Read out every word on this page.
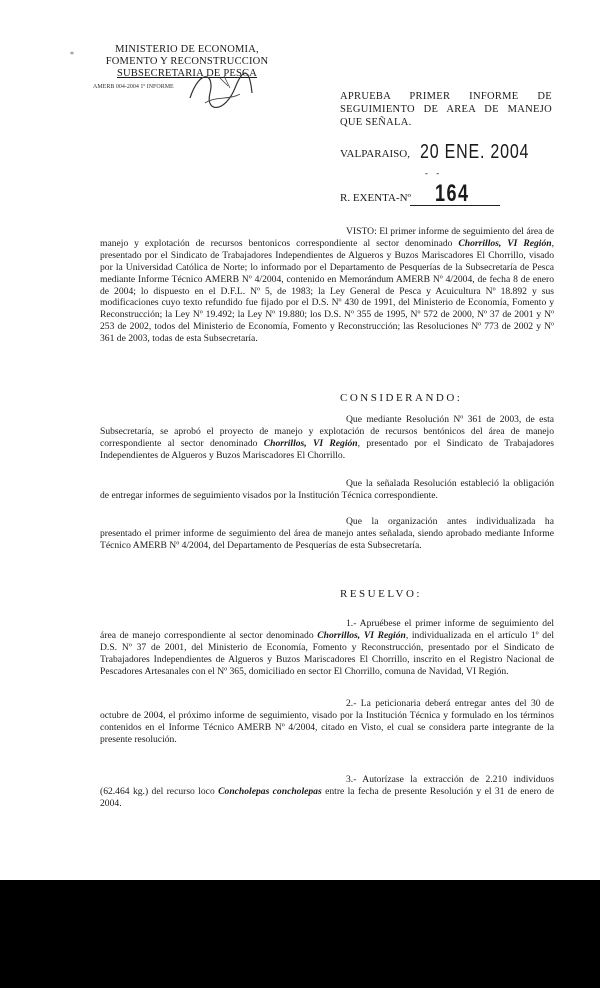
*	MINISTERIO DE ECONOMIA,
FOMENTO Y RECONSTRUCCION
SUBSECRETARIA DE PESCA
AMERB 004-2004 1º INFORME
APRUEBA PRIMER INFORME DE SEGUIMIENTO DE AREA DE MANEJO QUE SEÑALA.
VALPARAISO, 20 ENE. 2004
- -
R. EXENTA-Nº 164
VISTO: El primer informe de seguimiento del área de manejo y explotación de recursos bentonicos correspondiente al sector denominado Chorrillos, VI Región, presentado por el Sindicato de Trabajadores Independientes de Algueros y Buzos Mariscadores El Chorrillo, visado por la Universidad Católica de Norte; lo informado por el Departamento de Pesquerías de la Subsecretaría de Pesca mediante Informe Técnico AMERB Nº 4/2004, contenido en Memorándum AMERB Nº 4/2004, de fecha 8 de enero de 2004; lo dispuesto en el D.F.L. Nº 5, de 1983; la Ley General de Pesca y Acuicultura Nº 18.892 y sus modificaciones cuyo texto refundido fue fijado por el D.S. Nº 430 de 1991, del Ministerio de Economía, Fomento y Reconstrucción; la Ley Nº 19.492; la Ley Nº 19.880; los D.S. Nº 355 de 1995, Nº 572 de 2000, Nº 37 de 2001 y Nº 253 de 2002, todos del Ministerio de Economía, Fomento y Reconstrucción; las Resoluciones Nº 773 de 2002 y Nº 361 de 2003, todas de esta Subsecretaría.
CONSIDERANDO:
Que mediante Resolución Nº 361 de 2003, de esta Subsecretaría, se aprobó el proyecto de manejo y explotación de recursos bentónicos del área de manejo correspondiente al sector denominado Chorrillos, VI Región, presentado por el Sindicato de Trabajadores Independientes de Algueros y Buzos Mariscadores El Chorrillo.
Que la señalada Resolución estableció la obligación de entregar informes de seguimiento visados por la Institución Técnica correspondiente.
Que la organización antes individualizada ha presentado el primer informe de seguimiento del área de manejo antes señalada, siendo aprobado mediante Informe Técnico AMERB Nº 4/2004, del Departamento de Pesquerías de esta Subsecretaría.
RESUELVO:
1.- Apruébese el primer informe de seguimiento del área de manejo correspondiente al sector denominado Chorrillos, VI Región, individualizada en el artículo 1º del D.S. Nº 37 de 2001, del Ministerio de Economía, Fomento y Reconstrucción, presentado por el Sindicato de Trabajadores Independientes de Algueros y Buzos Mariscadores El Chorrillo, inscrito en el Registro Nacional de Pescadores Artesanales con el Nº 365, domiciliado en sector El Chorrillo, comuna de Navidad, VI Región.
2.- La peticionaria deberá entregar antes del 30 de octubre de 2004, el próximo informe de seguimiento, visado por la Institución Técnica y formulado en los términos contenidos en el Informe Técnico AMERB Nº 4/2004, citado en Visto, el cual se considera parte integrante de la presente resolución.
3.- Autorízase la extracción de 2.210 individuos (62.464 kg.) del recurso loco Concholepas concholepas entre la fecha de presente Resolución y el 31 de enero de 2004.
